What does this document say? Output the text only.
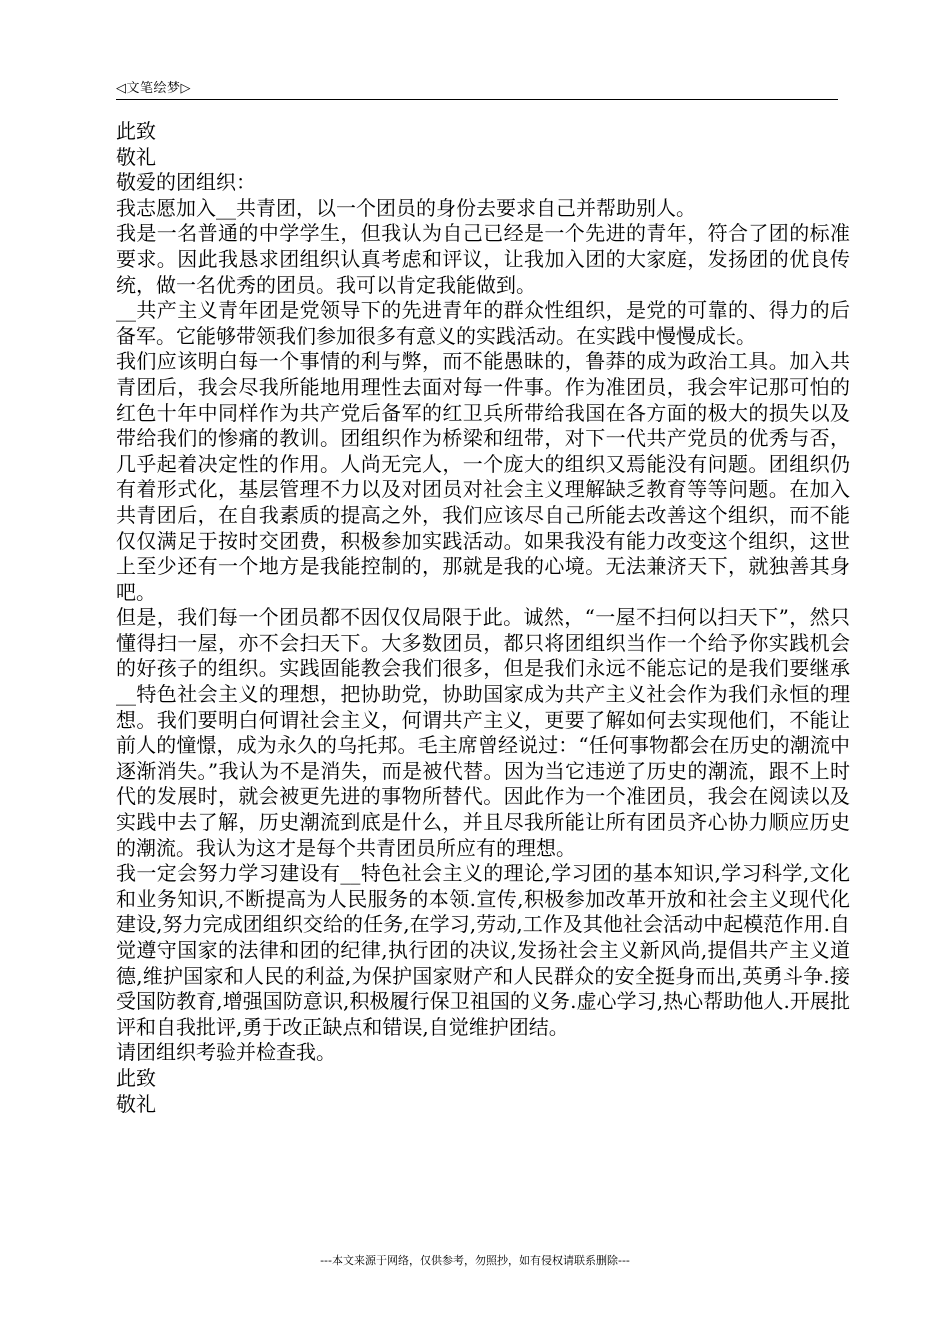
◁文笔绘梦▷

此致

敬礼

敬爱的团组织：

我志愿加入__共青团，以一个团员的身份去要求自己并帮助别人。

我是一名普通的中学学生，但我认为自己已经是一个先进的青年，符合了团的标准要求。因此我恳求团组织认真考虑和评议，让我加入团的大家庭，发扬团的优良传统，做一名优秀的团员。我可以肯定我能做到。

__共产主义青年团是党领导下的先进青年的群众性组织，是党的可靠的、得力的后备军。它能够带领我们参加很多有意义的实践活动。在实践中慢慢成长。

我们应该明白每一个事情的利与弊，而不能愚昧的，鲁莽的成为政治工具。加入共青团后，我会尽我所能地用理性去面对每一件事。作为准团员，我会牢记那可怕的红色十年中同样作为共产党后备军的红卫兵所带给我国在各方面的极大的损失以及带给我们的惨痛的教训。团组织作为桥梁和纽带，对下一代共产党员的优秀与否，几乎起着决定性的作用。人尚无完人，一个庞大的组织又焉能没有问题。团组织仍有着形式化，基层管理不力以及对团员对社会主义理解缺乏教育等等问题。在加入共青团后，在自我素质的提高之外，我们应该尽自己所能去改善这个组织，而不能仅仅满足于按时交团费，积极参加实践活动。如果我没有能力改变这个组织，这世上至少还有一个地方是我能控制的，那就是我的心境。无法兼济天下，就独善其身吧。

但是，我们每一个团员都不因仅仅局限于此。诚然，“一屋不扫何以扫天下”，然只懂得扫一屋，亦不会扫天下。大多数团员，都只将团组织当作一个给予你实践机会的好孩子的组织。实践固能教会我们很多，但是我们永远不能忘记的是我们要继承__特色社会主义的理想，把协助党，协助国家成为共产主义社会作为我们永恒的理想。我们要明白何谓社会主义，何谓共产主义，更要了解如何去实现他们，不能让前人的憧憬，成为永久的乌托邦。毛主席曾经说过：“任何事物都会在历史的潮流中逐渐消失。”我认为不是消失，而是被代替。因为当它违逆了历史的潮流，跟不上时代的发展时，就会被更先进的事物所替代。因此作为一个准团员，我会在阅读以及实践中去了解，历史潮流到底是什么，并且尽我所能让所有团员齐心协力顺应历史的潮流。我认为这才是每个共青团员所应有的理想。

我一定会努力学习建设有__特色社会主义的理论,学习团的基本知识,学习科学,文化和业务知识,不断提高为人民服务的本领.宣传,积极参加改革开放和社会主义现代化建设,努力完成团组织交给的任务,在学习,劳动,工作及其他社会活动中起模范作用.自觉遵守国家的法律和团的纪律,执行团的决议,发扬社会主义新风尚,提倡共产主义道德,维护国家和人民的利益,为保护国家财产和人民群众的安全挺身而出,英勇斗争.接受国防教育,增强国防意识,积极履行保卫祖国的义务.虚心学习,热心帮助他人.开展批评和自我批评,勇于改正缺点和错误,自觉维护团结。

请团组织考验并检查我。

此致

敬礼

---本文来源于网络，仅供参考，勿照抄，如有侵权请联系删除---
